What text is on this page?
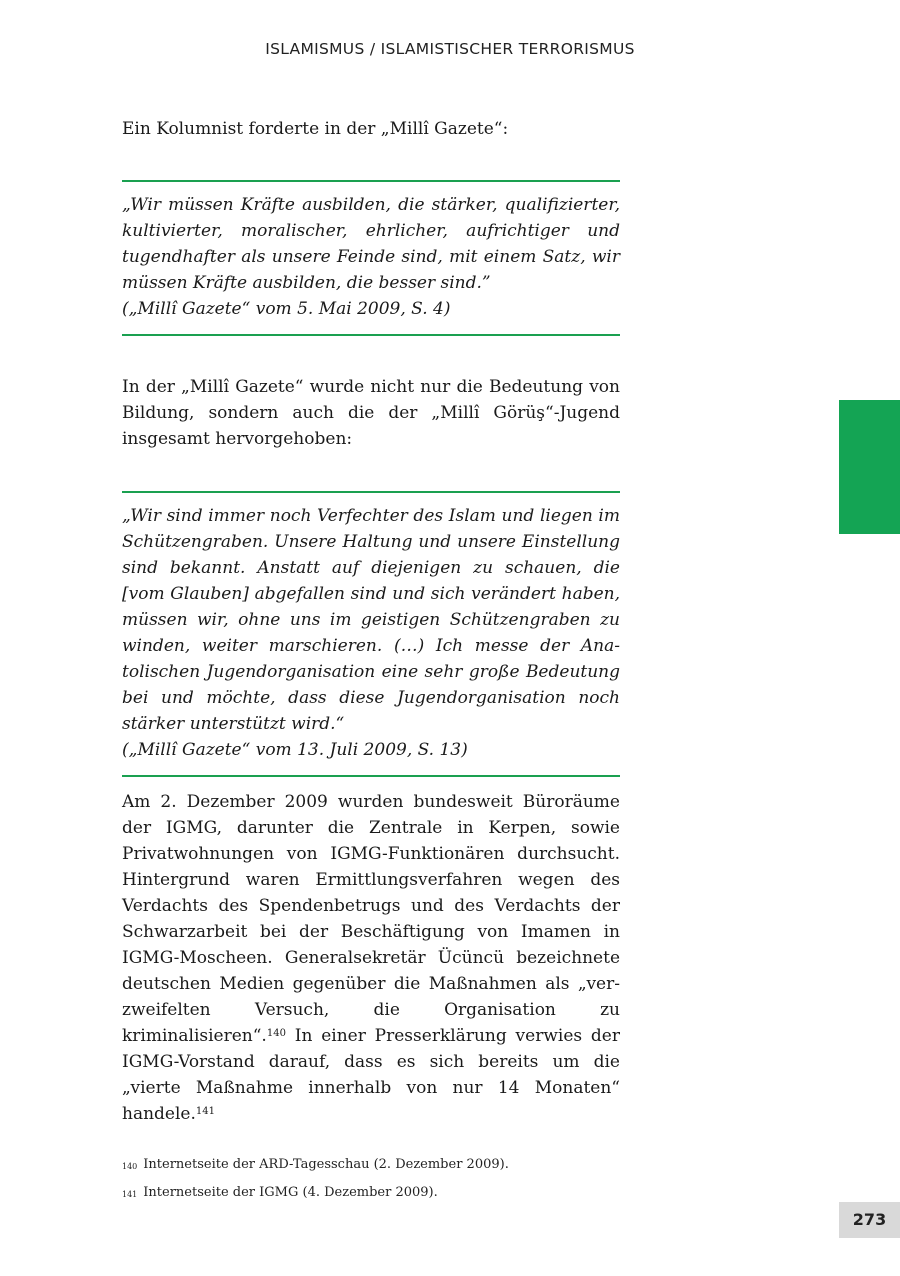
ISLAMISMUS / ISLAMISTISCHER TERRORISMUS

Ein Kolumnist forderte in der „Millî Gazete“:

„Wir müssen Kräfte ausbilden, die stärker, qualifizierter, kultivierter, moralischer, ehrlicher, aufrichtiger und tugendhafter als unsere Feinde sind, mit einem Satz, wir müssen Kräfte ausbilden, die besser sind.”

(„Millî Gazete“ vom 5. Mai 2009, S. 4)

In der „Millî Gazete“ wurde nicht nur die Bedeutung von Bildung, sondern auch die der „Millî Görüş“-Jugend insgesamt hervorgehoben:

„Wir sind immer noch Verfechter des Islam und liegen im Schützengraben. Unsere Haltung und unsere Einstellung sind bekannt. Anstatt auf diejenigen zu schauen, die [vom Glauben] abgefallen sind und sich verändert haben, müssen wir, ohne uns im geistigen Schützengraben zu winden, weiter marschieren. (…) Ich messe der Anatolischen Jugendorganisation eine sehr große Bedeutung bei und möchte, dass diese Jugendorganisation noch stärker unterstützt wird.“

(„Millî Gazete“ vom 13. Juli 2009, S. 13)

Am 2. Dezember 2009 wurden bundesweit Büroräume der IGMG, darunter die Zentrale in Kerpen, sowie Privatwohnungen von IGMG-Funktionären durchsucht. Hintergrund waren Ermittlungsverfahren wegen des Verdachts des Spendenbetrugs und des Verdachts der Schwarzarbeit bei der Beschäftigung von Imamen in IGMG-Moscheen. Generalsekretär Ücüncü bezeichnete deutschen Medien gegenüber die Maßnahmen als „verzweifelten Versuch, die Organisation zu kriminalisieren“.$^{140}$ In einer Presserklärung verwies der IGMG-Vorstand darauf, dass es sich bereits um die „vierte Maßnahme innerhalb von nur 14 Monaten“ handele.$^{141}$

$^{140}$ Internetseite der ARD-Tagesschau (2. Dezember 2009).
$^{141}$ Internetseite der IGMG (4. Dezember 2009).
273
